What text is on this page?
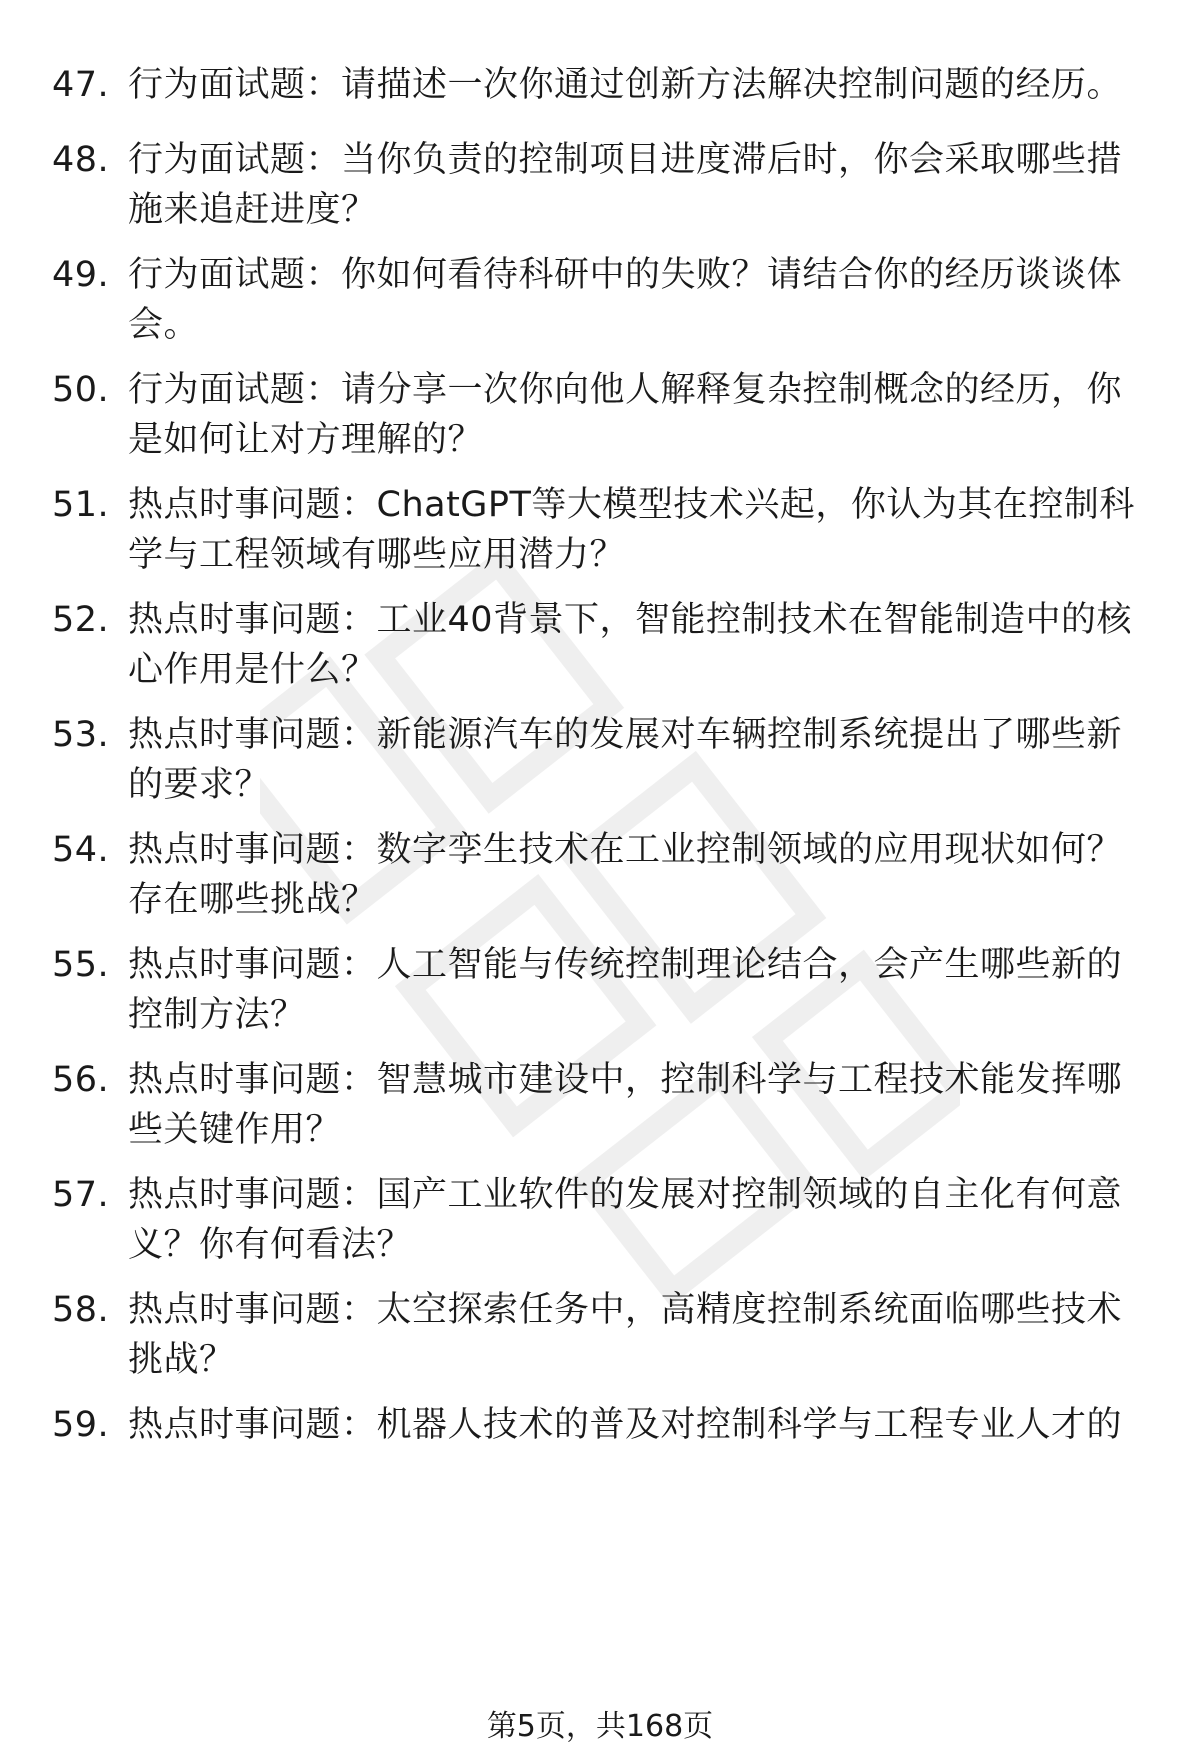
47. 行为面试题：请描述一次你通过创新方法解决控制问题的经历。
48. 行为面试题：当你负责的控制项目进度滞后时，你会采取哪些措
施来追赶进度？
49. 行为面试题：你如何看待科研中的失败？请结合你的经历谈谈体
会。
50. 行为面试题：请分享一次你向他人解释复杂控制概念的经历，你
是如何让对方理解的？
51. 热点时事问题：ChatGPT等大模型技术兴起，你认为其在控制科
学与工程领域有哪些应用潜力？
52. 热点时事问题：工业40背景下，智能控制技术在智能制造中的核
心作用是什么？
53. 热点时事问题：新能源汽车的发展对车辆控制系统提出了哪些新
的要求？
54. 热点时事问题：数字孪生技术在工业控制领域的应用现状如何？
存在哪些挑战？
55. 热点时事问题：人工智能与传统控制理论结合，会产生哪些新的
控制方法？
56. 热点时事问题：智慧城市建设中，控制科学与工程技术能发挥哪
些关键作用？
57. 热点时事问题：国产工业软件的发展对控制领域的自主化有何意
义？你有何看法？
58. 热点时事问题：太空探索任务中，高精度控制系统面临哪些技术
挑战？
59. 热点时事问题：机器人技术的普及对控制科学与工程专业人才的
第5页，共168页
